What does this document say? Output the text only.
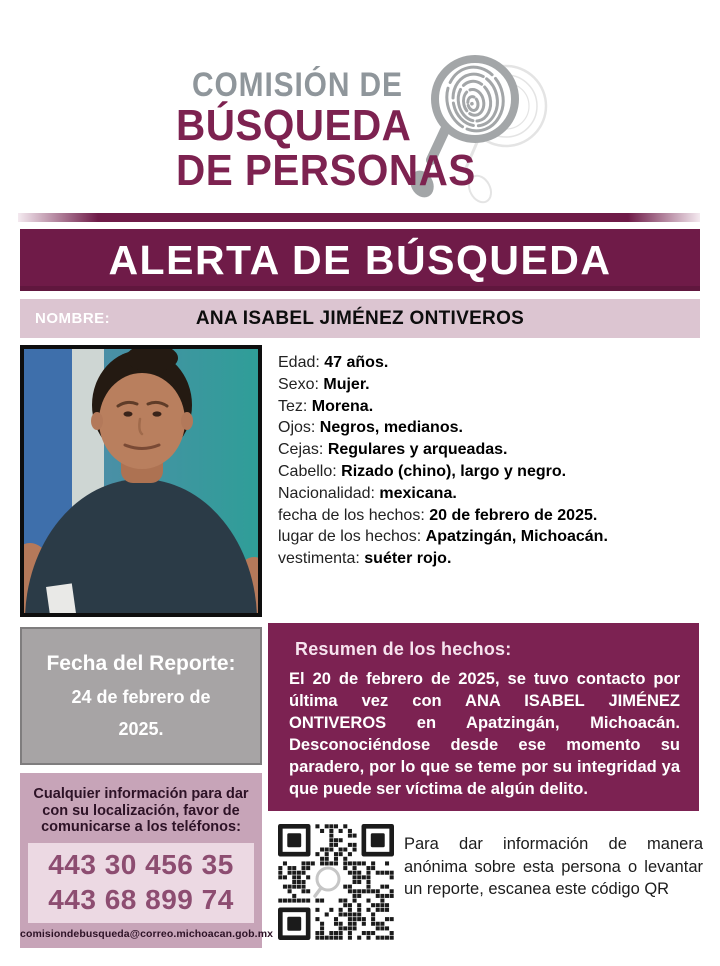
COMISIÓN DE
BÚSQUEDA
DE PERSONAS
ALERTA DE BÚSQUEDA
NOMBRE:	ANA ISABEL JIMÉNEZ ONTIVEROS
Edad: 47 años.
Sexo: Mujer.
Tez: Morena.
Ojos: Negros, medianos.
Cejas: Regulares y arqueadas.
Cabello: Rizado (chino), largo y negro.
Nacionalidad: mexicana.
fecha de los hechos: 20 de febrero de 2025.
lugar de los hechos: Apatzingán, Michoacán.
vestimenta: suéter rojo.
Fecha del Reporte:
24 de febrero de
2025.
Resumen de los hechos:
El 20 de febrero de 2025, se tuvo contacto por última vez con ANA ISABEL JIMÉNEZ ONTIVEROS en Apatzingán, Michoacán. Desconociéndose desde ese momento su paradero, por lo que se teme por su integridad ya que puede ser víctima de algún delito.
Cualquier información para dar con su localización, favor de comunicarse a los teléfonos:
443 30 456 35
443 68 899 74
comisiondebusqueda@correo.michoacan.gob.mx
Para dar información de manera anónima sobre esta persona o levantar un reporte, escanea este código QR
